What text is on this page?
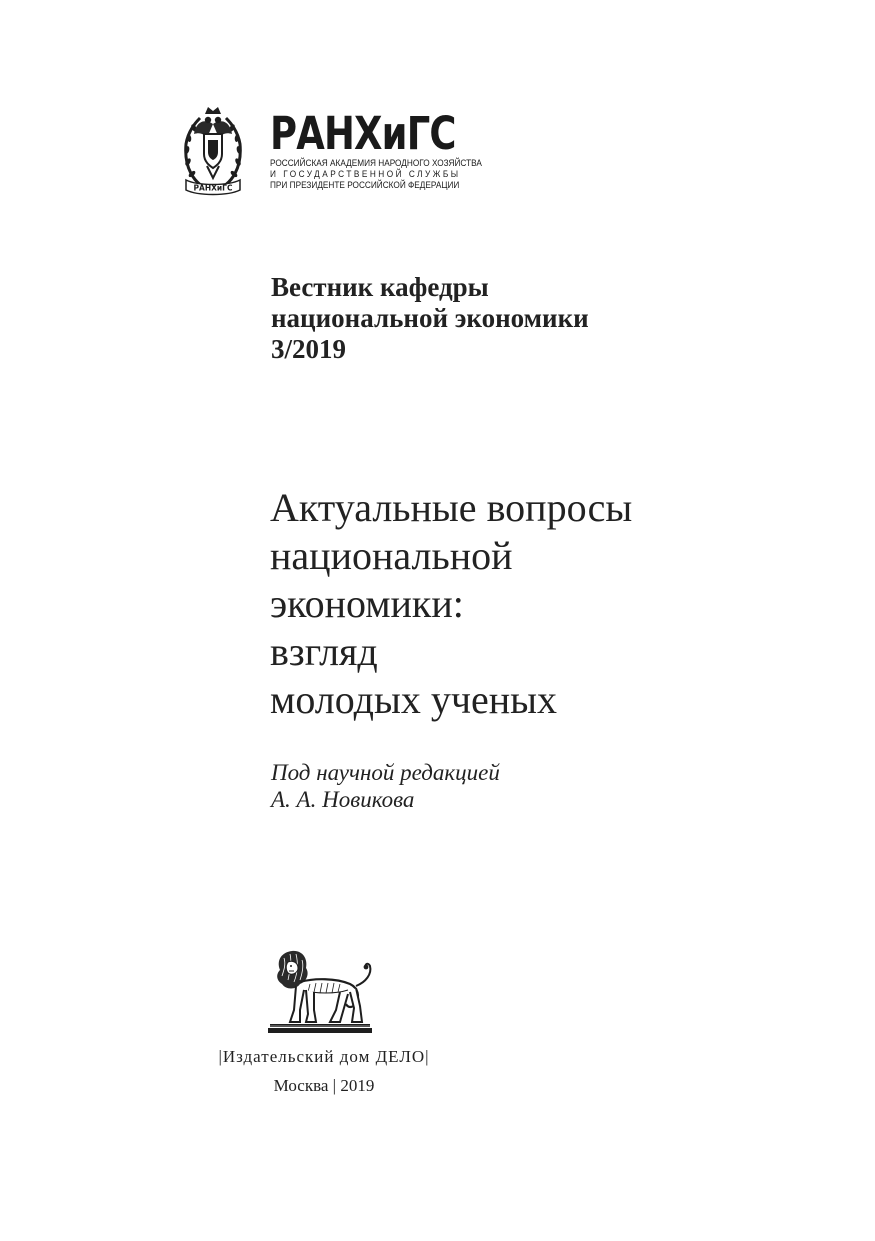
РАНХиГС
РАНХиГС
РОССИЙСКАЯ АКАДЕМИЯ НАРОДНОГО ХОЗЯЙСТВА
И ГОСУДАРСТВЕННОЙ СЛУЖБЫ
ПРИ ПРЕЗИДЕНТЕ РОССИЙСКОЙ ФЕДЕРАЦИИ
Вестник кафедры
национальной экономики
3/2019
Актуальные вопросы
национальной
экономики:
взгляд
молодых ученых
Под научной редакцией
А. А. Новикова
|Издательский дом ДЕЛО|
Москва | 2019
